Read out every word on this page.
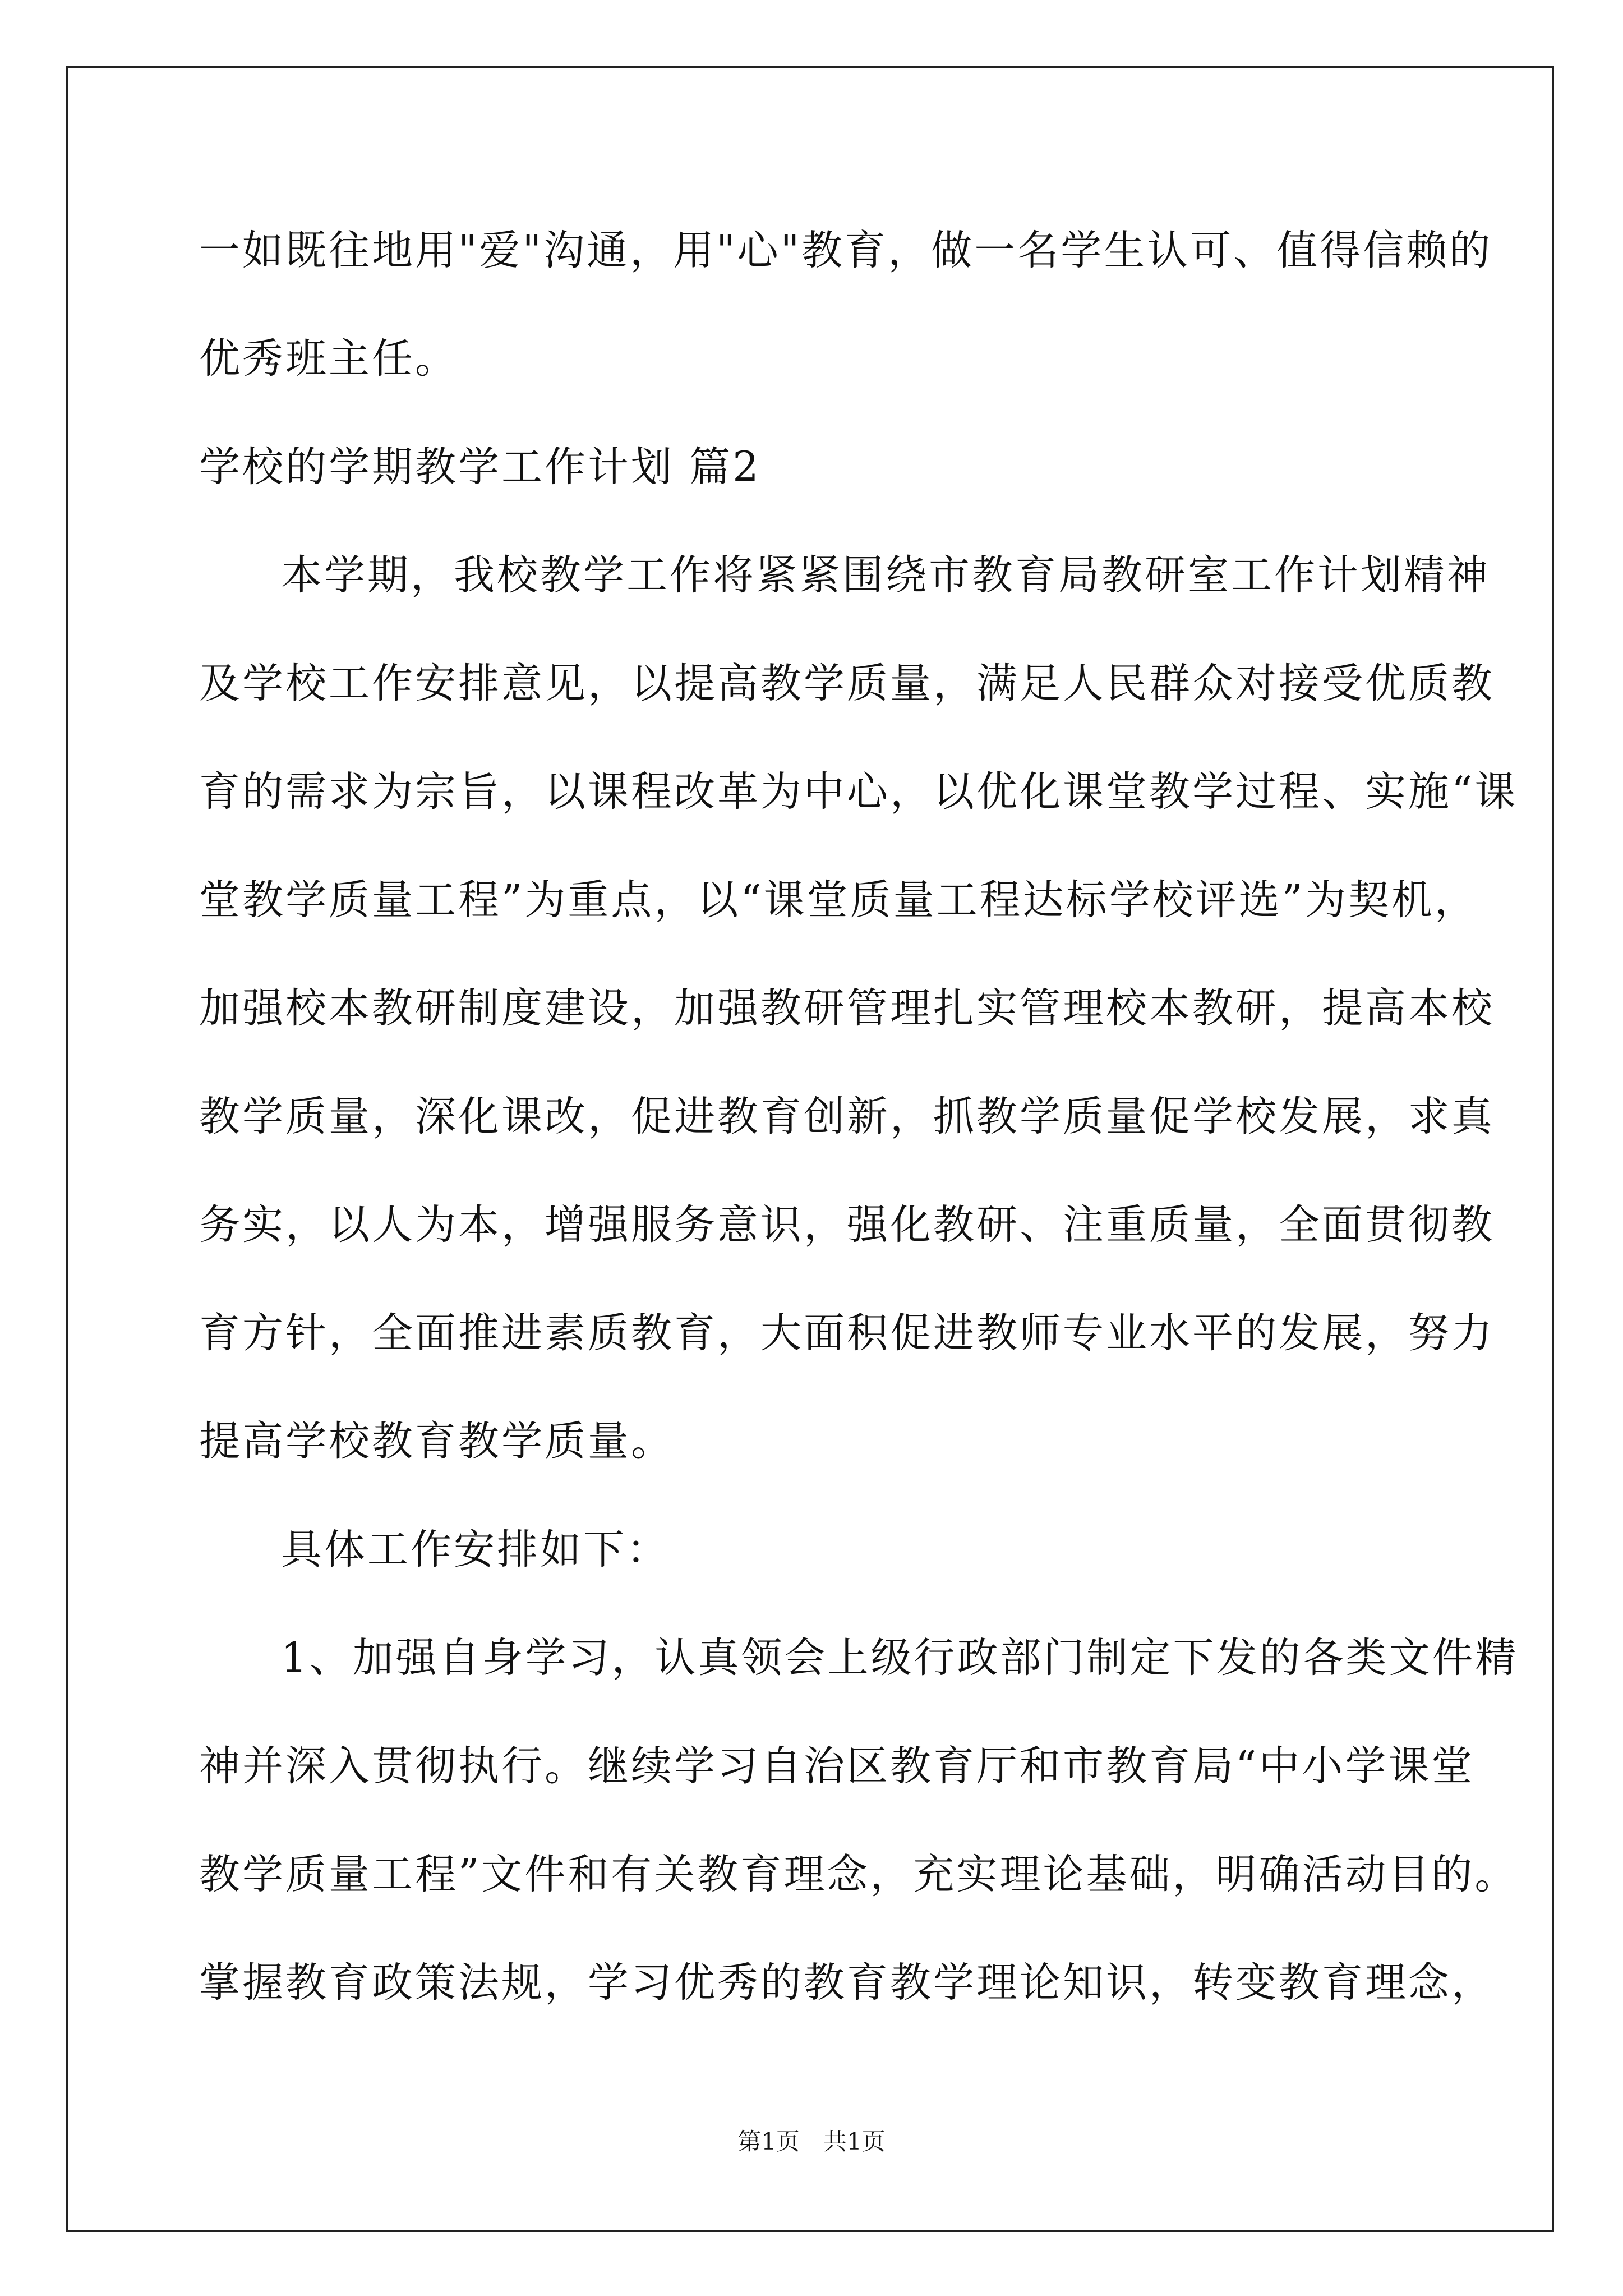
一如既往地用"爱"沟通，用"心"教育，做一名学生认可、值得信赖的
优秀班主任。
学校的学期教学工作计划 篇2
本学期，我校教学工作将紧紧围绕市教育局教研室工作计划精神
及学校工作安排意见，以提高教学质量，满足人民群众对接受优质教
育的需求为宗旨，以课程改革为中心，以优化课堂教学过程、实施“课
堂教学质量工程”为重点，以“课堂质量工程达标学校评选”为契机，
加强校本教研制度建设，加强教研管理扎实管理校本教研，提高本校
教学质量，深化课改，促进教育创新，抓教学质量促学校发展，求真
务实，以人为本，增强服务意识，强化教研、注重质量，全面贯彻教
育方针，全面推进素质教育，大面积促进教师专业水平的发展，努力
提高学校教育教学质量。
具体工作安排如下：
1、加强自身学习，认真领会上级行政部门制定下发的各类文件精
神并深入贯彻执行。继续学习自治区教育厅和市教育局“中小学课堂
教学质量工程”文件和有关教育理念，充实理论基础，明确活动目的。
掌握教育政策法规，学习优秀的教育教学理论知识，转变教育理念，
第1页　共1页
